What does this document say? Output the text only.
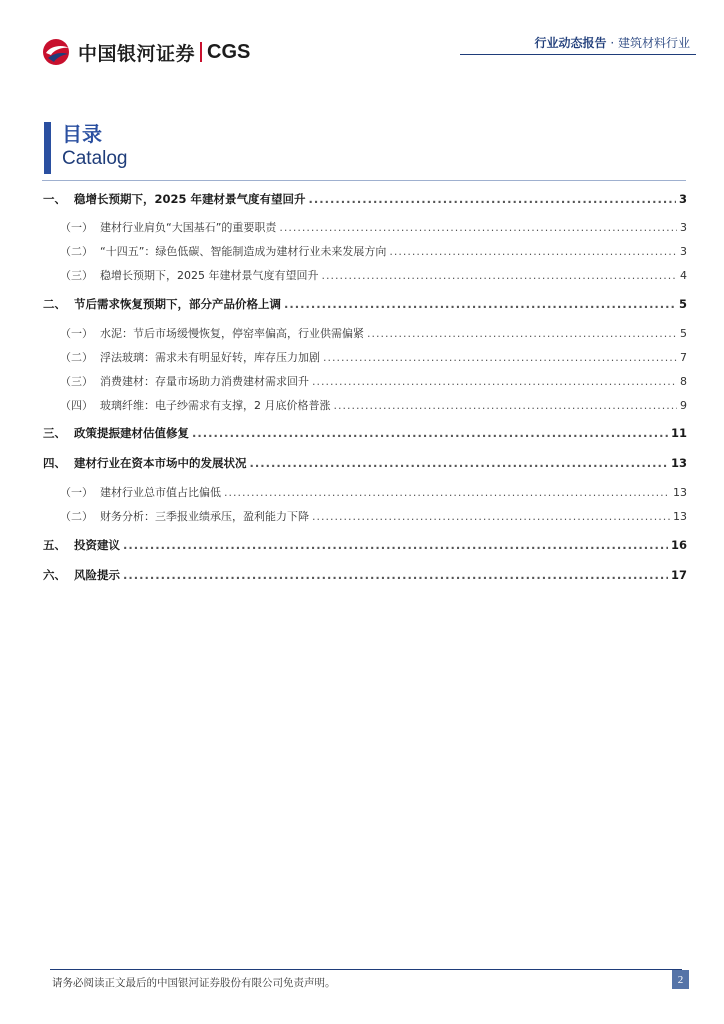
中国银河证券 CGS	行业动态报告 · 建筑材料行业
目录
Catalog
一、 稳增长预期下，2025 年建材景气度有望回升 .....	3
（一） 建材行业肩负“大国基石”的重要职责 .....	3
（二） “十四五”：绿色低碳、智能制造成为建材行业未来发展方向 .....	3
（三） 稳增长预期下，2025 年建材景气度有望回升 .....	4
二、 节后需求恢复预期下，部分产品价格上调 .....	5
（一） 水泥：节后市场缓慢恢复，停窑率偏高，行业供需偏紧 .....	5
（二） 浮法玻璃：需求未有明显好转，库存压力加剧 .....	7
（三） 消费建材：存量市场助力消费建材需求回升 .....	8
（四） 玻璃纤维：电子纱需求有支撑，2 月底价格普涨 .....	9
三、 政策提振建材估值修复 .....	11
四、 建材行业在资本市场中的发展状况 .....	13
（一） 建材行业总市值占比偏低 .....	13
（二） 财务分析：三季报业绩承压，盈利能力下降 .....	13
五、 投资建议 .....	16
六、 风险提示 .....	17
请务必阅读正文最后的中国银河证券股份有限公司免责声明。	2
